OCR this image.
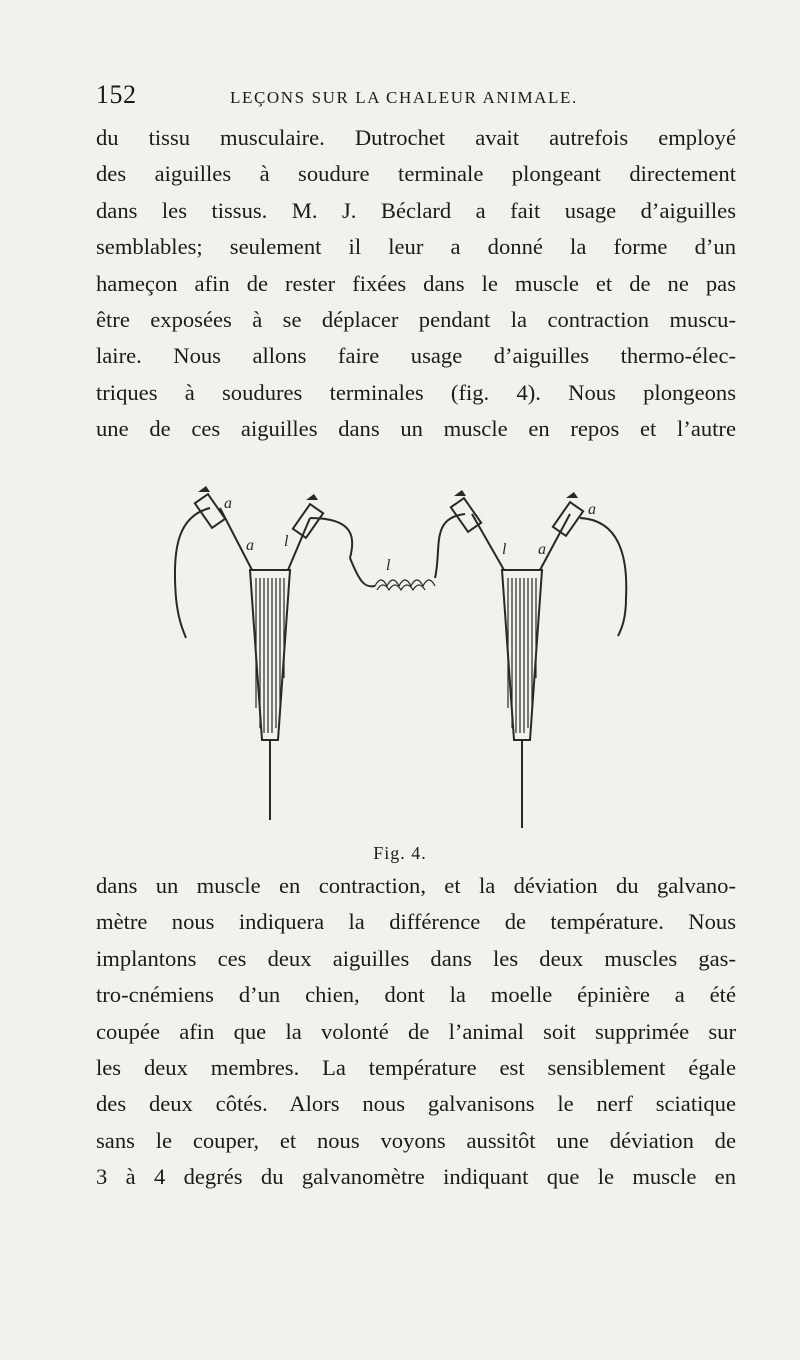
152	LEÇONS SUR LA CHALEUR ANIMALE.
du tissu musculaire. Dutrochet avait autrefois employé
des aiguilles à soudure terminale plongeant directement
dans les tissus. M. J. Béclard a fait usage d’aiguilles
semblables; seulement il leur a donné la forme d’un
hameçon afin de rester fixées dans le muscle et de ne pas
être exposées à se déplacer pendant la contraction muscu-
laire. Nous allons faire usage d’aiguilles thermo-élec-
triques à soudures terminales (fig. 4). Nous plongeons
une de ces aiguilles dans un muscle en repos et l’autre
a
a l
l
a
a
l
Fig. 4.
dans un muscle en contraction, et la déviation du galvano-
mètre nous indiquera la différence de température. Nous
implantons ces deux aiguilles dans les deux muscles gas-
tro-cnémiens d’un chien, dont la moelle épinière a été
coupée afin que la volonté de l’animal soit supprimée sur
les deux membres. La température est sensiblement égale
des deux côtés. Alors nous galvanisons le nerf sciatique
sans le couper, et nous voyons aussitôt une déviation de
3 à 4 degrés du galvanomètre indiquant que le muscle en
